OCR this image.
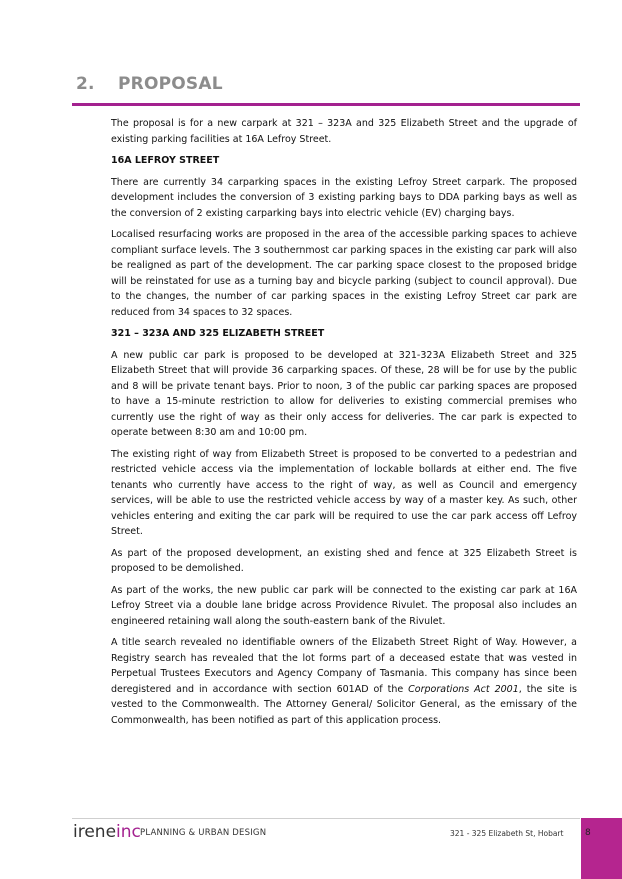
2. PROPOSAL

The proposal is for a new carpark at 321 – 323A and 325 Elizabeth Street and the upgrade of existing parking facilities at 16A Lefroy Street.

16A LEFROY STREET

There are currently 34 carparking spaces in the existing Lefroy Street carpark. The proposed development includes the conversion of 3 existing parking bays to DDA parking bays as well as the conversion of 2 existing carparking bays into electric vehicle (EV) charging bays.

Localised resurfacing works are proposed in the area of the accessible parking spaces to achieve compliant surface levels. The 3 southernmost car parking spaces in the existing car park will also be realigned as part of the development. The car parking space closest to the proposed bridge will be reinstated for use as a turning bay and bicycle parking (subject to council approval). Due to the changes, the number of car parking spaces in the existing Lefroy Street car park are reduced from 34 spaces to 32 spaces.

321 – 323A AND 325 ELIZABETH STREET

A new public car park is proposed to be developed at 321-323A Elizabeth Street and 325 Elizabeth Street that will provide 36 carparking spaces. Of these, 28 will be for use by the public and 8 will be private tenant bays. Prior to noon, 3 of the public car parking spaces are proposed to have a 15-minute restriction to allow for deliveries to existing commercial premises who currently use the right of way as their only access for deliveries. The car park is expected to operate between 8:30 am and 10:00 pm.

The existing right of way from Elizabeth Street is proposed to be converted to a pedestrian and restricted vehicle access via the implementation of lockable bollards at either end. The five tenants who currently have access to the right of way, as well as Council and emergency services, will be able to use the restricted vehicle access by way of a master key. As such, other vehicles entering and exiting the car park will be required to use the car park access off Lefroy Street.

As part of the proposed development, an existing shed and fence at 325 Elizabeth Street is proposed to be demolished.

As part of the works, the new public car park will be connected to the existing car park at 16A Lefroy Street via a double lane bridge across Providence Rivulet. The proposal also includes an engineered retaining wall along the south-eastern bank of the Rivulet.

A title search revealed no identifiable owners of the Elizabeth Street Right of Way. However, a Registry search has revealed that the lot forms part of a deceased estate that was vested in Perpetual Trustees Executors and Agency Company of Tasmania. This company has since been deregistered and in accordance with section 601AD of the Corporations Act 2001, the site is vested to the Commonwealth. The Attorney General/ Solicitor General, as the emissary of the Commonwealth, has been notified as part of this application process.

ireneinc PLANNING & URBAN DESIGN	321 - 325 Elizabeth St, Hobart 8
